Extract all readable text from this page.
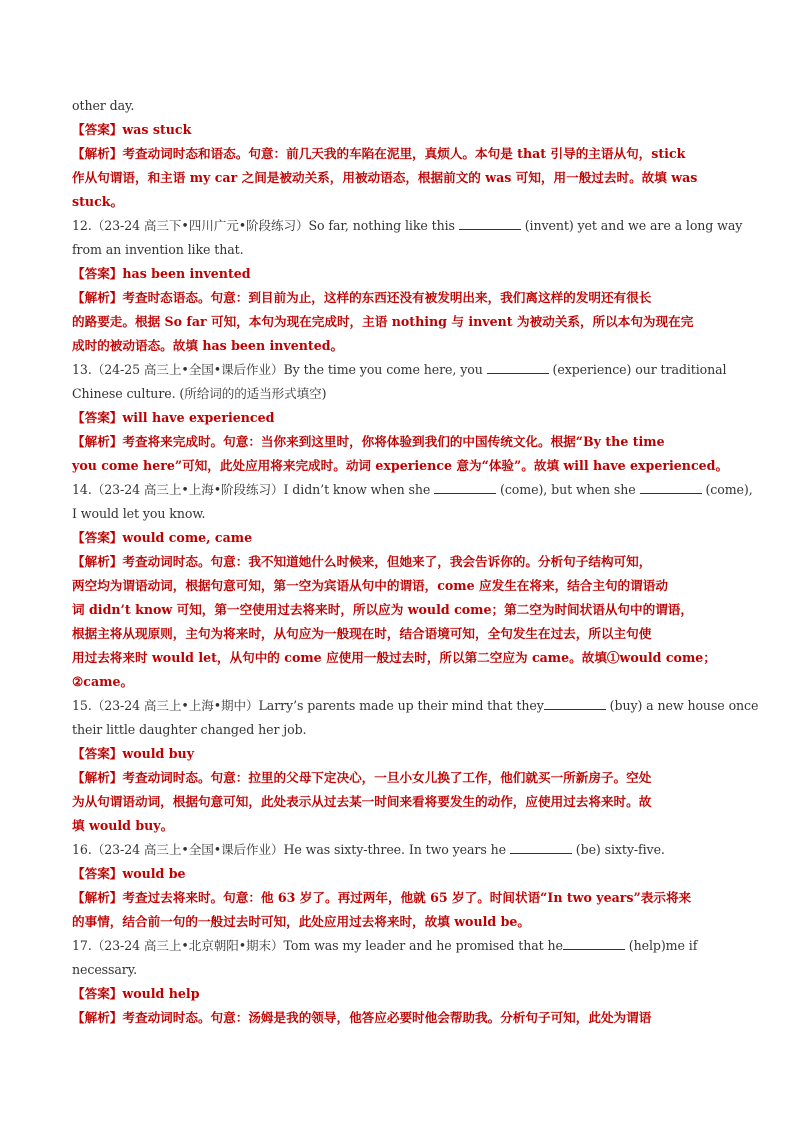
other day.
【答案】was stuck
【解析】考查动词时态和语态。句意：前几天我的车陷在泥里，真烦人。本句是 that 引导的主语从句，stick
作从句谓语，和主语 my car 之间是被动关系，用被动语态，根据前文的 was 可知，用一般过去时。故填 was
stuck。
12.（23-24 高三下•四川广元•阶段练习）So far, nothing like this	(invent) yet and we are a long way
from an invention like that.
【答案】has been invented
【解析】考查时态语态。句意：到目前为止，这样的东西还没有被发明出来，我们离这样的发明还有很长
的路要走。根据 So far 可知，本句为现在完成时，主语 nothing 与 invent 为被动关系，所以本句为现在完
成时的被动语态。故填 has been invented。
13.（24-25 高三上•全国•课后作业）By the time you come here, you	(experience) our traditional
Chinese culture. (所给词的的适当形式填空)
【答案】will have experienced
【解析】考查将来完成时。句意：当你来到这里时，你将体验到我们的中国传统文化。根据“By the time
you come here”可知，此处应用将来完成时。动词 experience 意为“体验”。故填 will have experienced。
14.（23-24 高三上•上海•阶段练习）I didn’t know when she	(come), but when she	(come),
I would let you know.
【答案】would come, came
【解析】考查动词时态。句意：我不知道她什么时候来，但她来了，我会告诉你的。分析句子结构可知，
两空均为谓语动词，根据句意可知，第一空为宾语从句中的谓语，come 应发生在将来，结合主句的谓语动
词 didn’t know 可知，第一空使用过去将来时，所以应为 would come；第二空为时间状语从句中的谓语，
根据主将从现原则，主句为将来时，从句应为一般现在时，结合语境可知，全句发生在过去，所以主句使
用过去将来时 would let，从句中的 come 应使用一般过去时，所以第二空应为 came。故填①would come；
②came。
15.（23-24 高三上•上海•期中）Larry’s parents made up their mind that they	(buy) a new house once
their little daughter changed her job.
【答案】would buy
【解析】考查动词时态。句意：拉里的父母下定决心，一旦小女儿换了工作，他们就买一所新房子。空处
为从句谓语动词，根据句意可知，此处表示从过去某一时间来看将要发生的动作，应使用过去将来时。故
填 would buy。
16.（23-24 高三上•全国•课后作业）He was sixty-three. In two years he	(be) sixty-five.
【答案】would be
【解析】考查过去将来时。句意：他 63 岁了。再过两年，他就 65 岁了。时间状语“In two years”表示将来
的事情，结合前一句的一般过去时可知，此处应用过去将来时，故填 would be。
17.（23-24 高三上•北京朝阳•期末）Tom was my leader and he promised that he	(help)me if
necessary.
【答案】would help
【解析】考查动词时态。句意：汤姆是我的领导，他答应必要时他会帮助我。分析句子可知，此处为谓语
